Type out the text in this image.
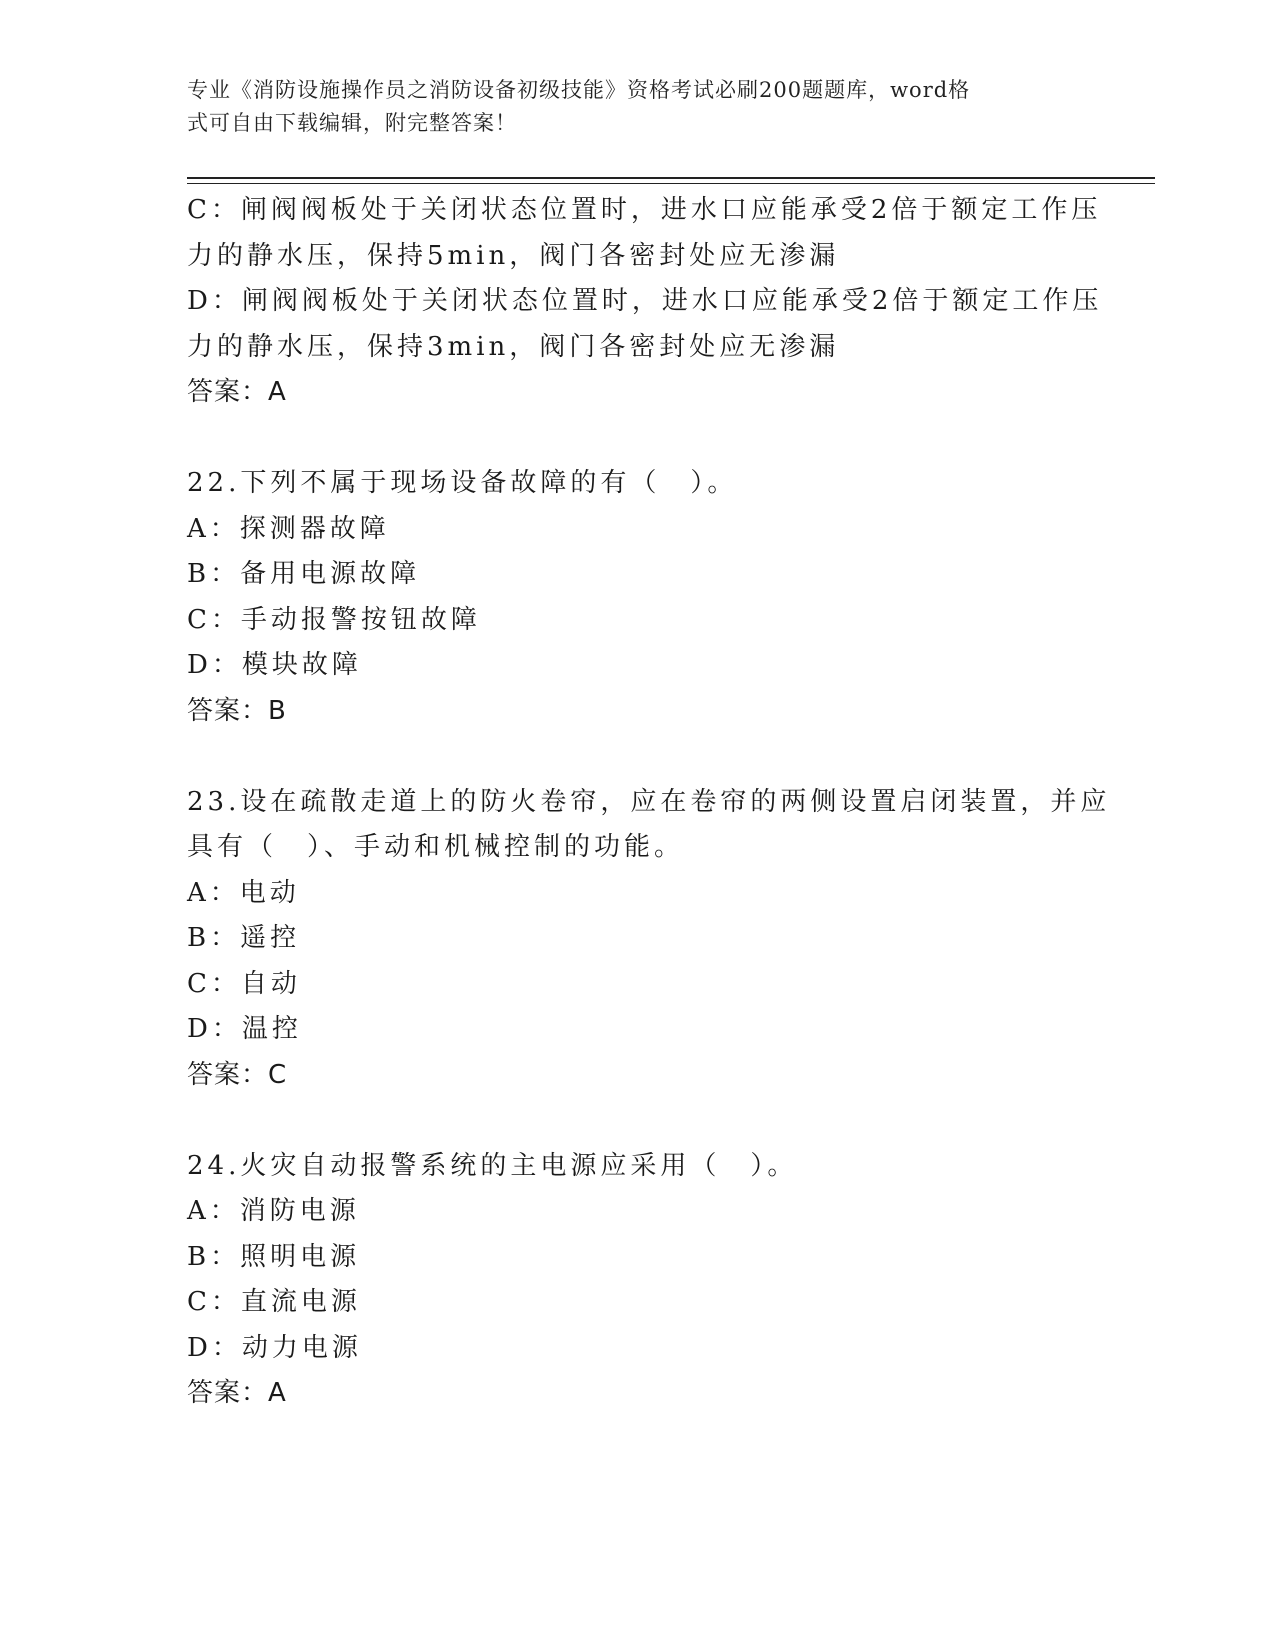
专业《消防设施操作员之消防设备初级技能》资格考试必刷200题题库，word格
式可自由下载编辑，附完整答案！
C：闸阀阀板处于关闭状态位置时，进水口应能承受2倍于额定工作压
力的静水压，保持5min，阀门各密封处应无渗漏
D：闸阀阀板处于关闭状态位置时，进水口应能承受2倍于额定工作压
力的静水压，保持3min，阀门各密封处应无渗漏
答案：A
22.下列不属于现场设备故障的有（　）。
A：探测器故障
B：备用电源故障
C：手动报警按钮故障
D：模块故障
答案：B
23.设在疏散走道上的防火卷帘，应在卷帘的两侧设置启闭装置，并应
具有（　）、手动和机械控制的功能。
A：电动
B：遥控
C：自动
D：温控
答案：C
24.火灾自动报警系统的主电源应采用（　）。
A：消防电源
B：照明电源
C：直流电源
D：动力电源
答案：A
